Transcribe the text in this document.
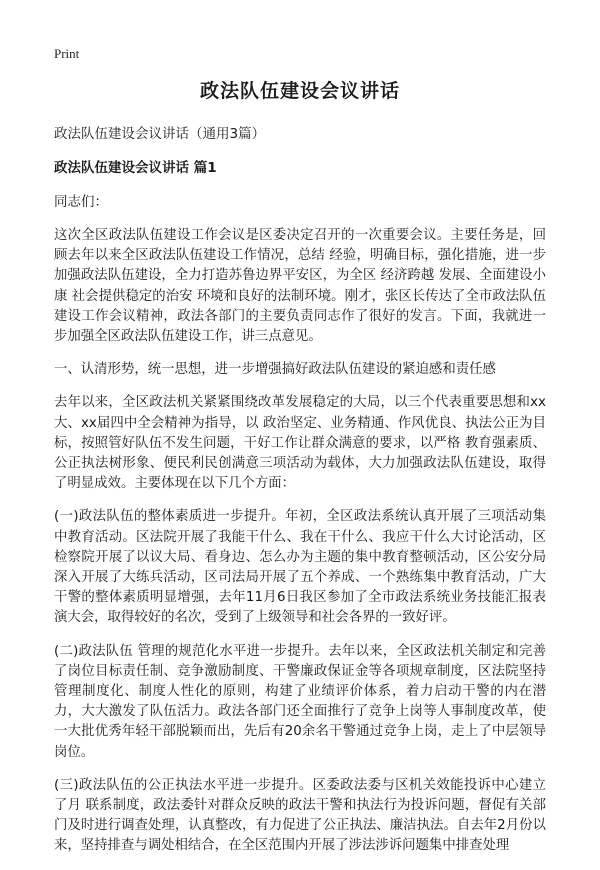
Print
政法队伍建设会议讲话

政法队伍建设会议讲话（通用3篇）

政法队伍建设会议讲话 篇1

同志们：

这次全区政法队伍建设工作会议是区委决定召开的一次重要会议。主要任务是，回顾去年以来全区政法队伍建设工作情况，总结 经验，明确目标，强化措施，进一步加强政法队伍建设，全力打造苏鲁边界平安区，为全区 经济跨越 发展、全面建设小康 社会提供稳定的治安 环境和良好的法制环境。刚才，张区长传达了全市政法队伍建设工作会议精神，政法各部门的主要负责同志作了很好的发言。下面，我就进一步加强全区政法队伍建设工作，讲三点意见。

一、认清形势，统一思想，进一步增强搞好政法队伍建设的紧迫感和责任感

去年以来，全区政法机关紧紧围绕改革发展稳定的大局，以三个代表重要思想和xx大、xx届四中全会精神为指导，以 政治坚定、业务精通、作风优良、执法公正为目标，按照管好队伍不发生问题，干好工作让群众满意的要求，以严格 教育强素质、公正执法树形象、便民利民创满意三项活动为载体，大力加强政法队伍建设，取得了明显成效。主要体现在以下几个方面：

(一)政法队伍的整体素质进一步提升。年初，全区政法系统认真开展了三项活动集中教育活动。区法院开展了我能干什么、我在干什么、我应干什么大讨论活动，区检察院开展了以议大局、看身边、怎么办为主题的集中教育整顿活动，区公安分局深入开展了大练兵活动，区司法局开展了五个养成、一个熟练集中教育活动，广大干警的整体素质明显增强，去年11月6日我区参加了全市政法系统业务技能汇报表演大会，取得较好的名次，受到了上级领导和社会各界的一致好评。

(二)政法队伍 管理的规范化水平进一步提升。去年以来，全区政法机关制定和完善了岗位目标责任制、竞争激励制度、干警廉政保证金等各项规章制度，区法院坚持管理制度化、制度人性化的原则，构建了业绩评价体系，着力启动干警的内在潜力，大大激发了队伍活力。政法各部门还全面推行了竞争上岗等人事制度改革，使一大批优秀年轻干部脱颖而出，先后有20余名干警通过竞争上岗，走上了中层领导岗位。

(三)政法队伍的公正执法水平进一步提升。区委政法委与区机关效能投诉中心建立了月 联系制度，政法委针对群众反映的政法干警和执法行为投诉问题，督促有关部门及时进行调查处理，认真整改，有力促进了公正执法、廉洁执法。自去年2月份以来，坚持排查与调处相结合，在全区范围内开展了涉法涉诉问题集中排查处理
